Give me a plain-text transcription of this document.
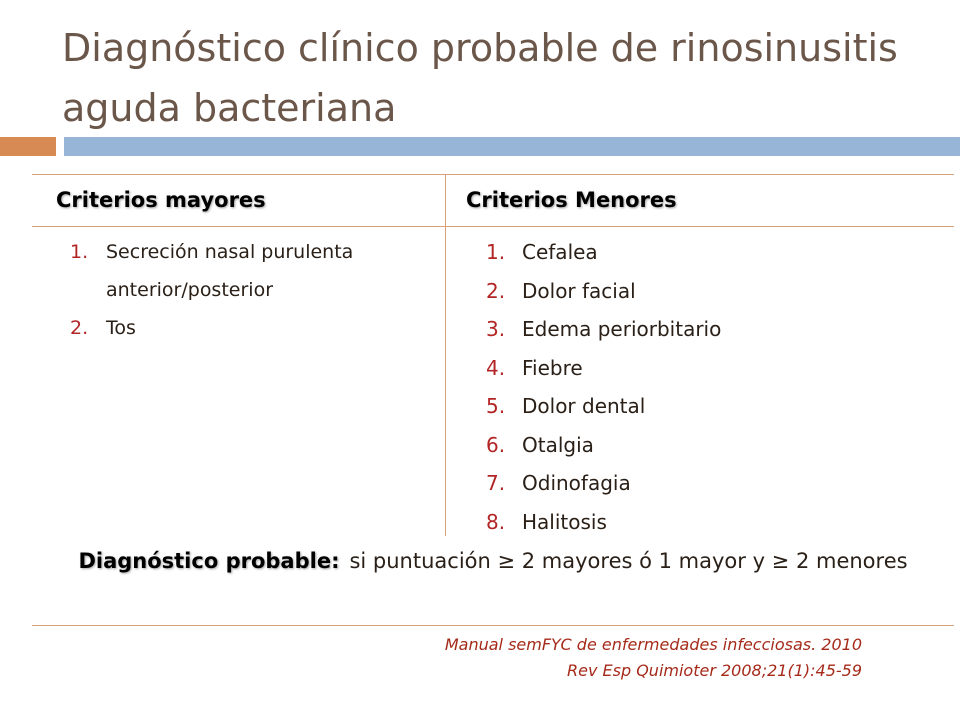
Diagnóstico clínico probable de rinosinusitis aguda bacteriana
Criterios mayores	Criterios Menores
1. Secreción nasal purulenta anterior/posterior
2. Tos
1. Cefalea
2. Dolor facial
3. Edema periorbitario
4. Fiebre
5. Dolor dental
6. Otalgia
7. Odinofagia
8. Halitosis
Diagnóstico probable: si puntuación ≥ 2 mayores ó 1 mayor y ≥ 2 menores
Manual semFYC de enfermedades infecciosas. 2010
Rev Esp Quimioter 2008;21(1):45-59
